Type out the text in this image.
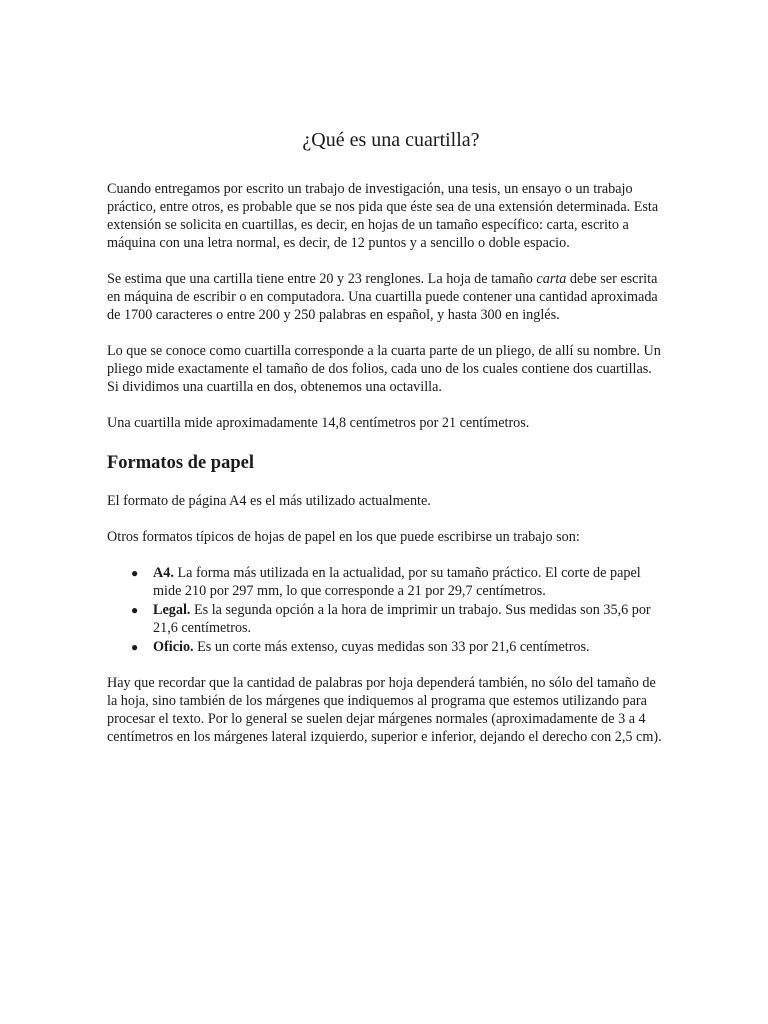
¿Qué es una cuartilla?

Cuando entregamos por escrito un trabajo de investigación, una tesis, un ensayo o un trabajo práctico, entre otros, es probable que se nos pida que éste sea de una extensión determinada. Esta extensión se solicita en cuartillas, es decir, en hojas de un tamaño específico: carta, escrito a máquina con una letra normal, es decir, de 12 puntos y a sencillo o doble espacio.

Se estima que una cartilla tiene entre 20 y 23 renglones. La hoja de tamaño carta debe ser escrita en máquina de escribir o en computadora. Una cuartilla puede contener una cantidad aproximada de 1700 caracteres o entre 200 y 250 palabras en español, y hasta 300 en inglés.

Lo que se conoce como cuartilla corresponde a la cuarta parte de un pliego, de allí su nombre. Un pliego mide exactamente el tamaño de dos folios, cada uno de los cuales contiene dos cuartillas. Si dividimos una cuartilla en dos, obtenemos una octavilla.

Una cuartilla mide aproximadamente 14,8 centímetros por 21 centímetros.

Formatos de papel

El formato de página A4 es el más utilizado actualmente.

Otros formatos típicos de hojas de papel en los que puede escribirse un trabajo son:

● A4. La forma más utilizada en la actualidad, por su tamaño práctico. El corte de papel mide 210 por 297 mm, lo que corresponde a 21 por 29,7 centímetros.
● Legal. Es la segunda opción a la hora de imprimir un trabajo. Sus medidas son 35,6 por 21,6 centímetros.
● Oficio. Es un corte más extenso, cuyas medidas son 33 por 21,6 centímetros.

Hay que recordar que la cantidad de palabras por hoja dependerá también, no sólo del tamaño de la hoja, sino también de los márgenes que indiquemos al programa que estemos utilizando para procesar el texto. Por lo general se suelen dejar márgenes normales (aproximadamente de 3 a 4 centímetros en los márgenes lateral izquierdo, superior e inferior, dejando el derecho con 2,5 cm).
